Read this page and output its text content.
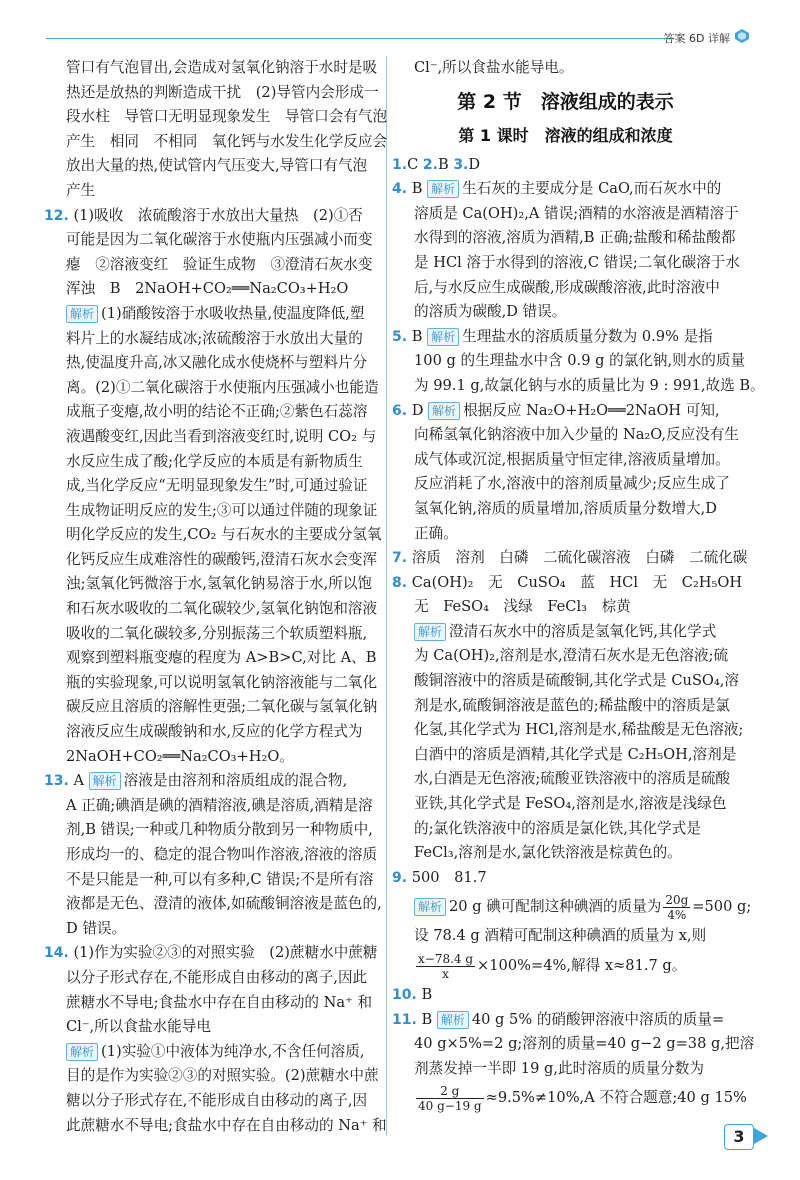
答案 6D 详解

管口有气泡冒出,会造成对氢氧化钠溶于水时是吸

热还是放热的判断造成干扰　(2)导管内会形成一

段水柱　导管口无明显现象发生　导管口会有气泡

产生　相同　不相同　氧化钙与水发生化学反应会

放出大量的热,使试管内气压变大,导管口有气泡

产生

12. (1)吸收　浓硫酸溶于水放出大量热　(2)①否

可能是因为二氧化碳溶于水使瓶内压强减小而变

瘪　②溶液变红　验证生成物　③澄清石灰水变

浑浊　B　2NaOH+CO₂══Na₂CO₃+H₂O

解析 (1)硝酸铵溶于水吸收热量,使温度降低,塑

料片上的水凝结成冰;浓硫酸溶于水放出大量的

热,使温度升高,冰又融化成水使烧杯与塑料片分

离。(2)①二氧化碳溶于水使瓶内压强减小也能造

成瓶子变瘪,故小明的结论不正确;②紫色石蕊溶

液遇酸变红,因此当看到溶液变红时,说明 CO₂ 与

水反应生成了酸;化学反应的本质是有新物质生

成,当化学反应“无明显现象发生”时,可通过验证

生成物证明反应的发生;③可以通过伴随的现象证

明化学反应的发生,CO₂ 与石灰水的主要成分氢氧

化钙反应生成难溶性的碳酸钙,澄清石灰水会变浑

浊;氢氧化钙微溶于水,氢氧化钠易溶于水,所以饱

和石灰水吸收的二氧化碳较少,氢氧化钠饱和溶液

吸收的二氧化碳较多,分别振荡三个软质塑料瓶,

观察到塑料瓶变瘪的程度为 A>B>C,对比 A、B

瓶的实验现象,可以说明氢氧化钠溶液能与二氧化

碳反应且溶质的溶解性更强;二氧化碳与氢氧化钠

溶液反应生成碳酸钠和水,反应的化学方程式为

2NaOH+CO₂══Na₂CO₃+H₂O。

13. A 解析 溶液是由溶剂和溶质组成的混合物,

A 正确;碘酒是碘的酒精溶液,碘是溶质,酒精是溶

剂,B 错误;一种或几种物质分散到另一种物质中,

形成均一的、稳定的混合物叫作溶液,溶液的溶质

不是只能是一种,可以有多种,C 错误;不是所有溶

液都是无色、澄清的液体,如硫酸铜溶液是蓝色的,

D 错误。

14. (1)作为实验②③的对照实验　(2)蔗糖水中蔗糖

以分子形式存在,不能形成自由移动的离子,因此

蔗糖水不导电;食盐水中存在自由移动的 Na⁺ 和

Cl⁻,所以食盐水能导电

解析 (1)实验①中液体为纯净水,不含任何溶质,

目的是作为实验②③的对照实验。(2)蔗糖水中蔗

糖以分子形式存在,不能形成自由移动的离子,因

此蔗糖水不导电;食盐水中存在自由移动的 Na⁺ 和

Cl⁻,所以食盐水能导电。

第 2 节　溶液组成的表示
第 1 课时　溶液的组成和浓度

1.C 2.B 3.D

4. B 解析 生石灰的主要成分是 CaO,而石灰水中的

溶质是 Ca(OH)₂,A 错误;酒精的水溶液是酒精溶于

水得到的溶液,溶质为酒精,B 正确;盐酸和稀盐酸都

是 HCl 溶于水得到的溶液,C 错误;二氧化碳溶于水

后,与水反应生成碳酸,形成碳酸溶液,此时溶液中

的溶质为碳酸,D 错误。

5. B 解析 生理盐水的溶质质量分数为 0.9% 是指

100 g 的生理盐水中含 0.9 g 的氯化钠,则水的质量

为 99.1 g,故氯化钠与水的质量比为 9 : 991,故选 B。

6. D 解析 根据反应 Na₂O+H₂O══2NaOH 可知,

向稀氢氧化钠溶液中加入少量的 Na₂O,反应没有生

成气体或沉淀,根据质量守恒定律,溶液质量增加。

反应消耗了水,溶液中的溶剂质量减少;反应生成了

氢氧化钠,溶质的质量增加,溶质质量分数增大,D

正确。

7. 溶质　溶剂　白磷　二硫化碳溶液　白磷　二硫化碳

8. Ca(OH)₂　无　CuSO₄　蓝　HCl　无　C₂H₅OH

无　FeSO₄　浅绿　FeCl₃　棕黄

解析 澄清石灰水中的溶质是氢氧化钙,其化学式

为 Ca(OH)₂,溶剂是水,澄清石灰水是无色溶液;硫

酸铜溶液中的溶质是硫酸铜,其化学式是 CuSO₄,溶

剂是水,硫酸铜溶液是蓝色的;稀盐酸中的溶质是氯

化氢,其化学式为 HCl,溶剂是水,稀盐酸是无色溶液;

白酒中的溶质是酒精,其化学式是 C₂H₅OH,溶剂是

水,白酒是无色溶液;硫酸亚铁溶液中的溶质是硫酸

亚铁,其化学式是 FeSO₄,溶剂是水,溶液是浅绿色

的;氯化铁溶液中的溶质是氯化铁,其化学式是

FeCl₃,溶剂是水,氯化铁溶液是棕黄色的。

9. 500　81.7

解析 20 g 碘可配制这种碘酒的质量为 $\frac{20g}{4\%} =500$ g;

设 78.4 g 酒精可配制这种碘酒的质量为 x,则

$\frac{x-78.4 g}{x} \times 100\%=4\%$,解得 x≈81.7 g。

10. B

11. B 解析 40 g 5% 的硝酸钾溶液中溶质的质量=

40 g×5%=2 g;溶剂的质量=40 g−2 g=38 g,把溶

剂蒸发掉一半即 19 g,此时溶质的质量分数为

$\frac{2 g}{40 g-19 g} \approx 9.5\%\ne 10\%,A$ 不符合题意;40 g 15%

3
